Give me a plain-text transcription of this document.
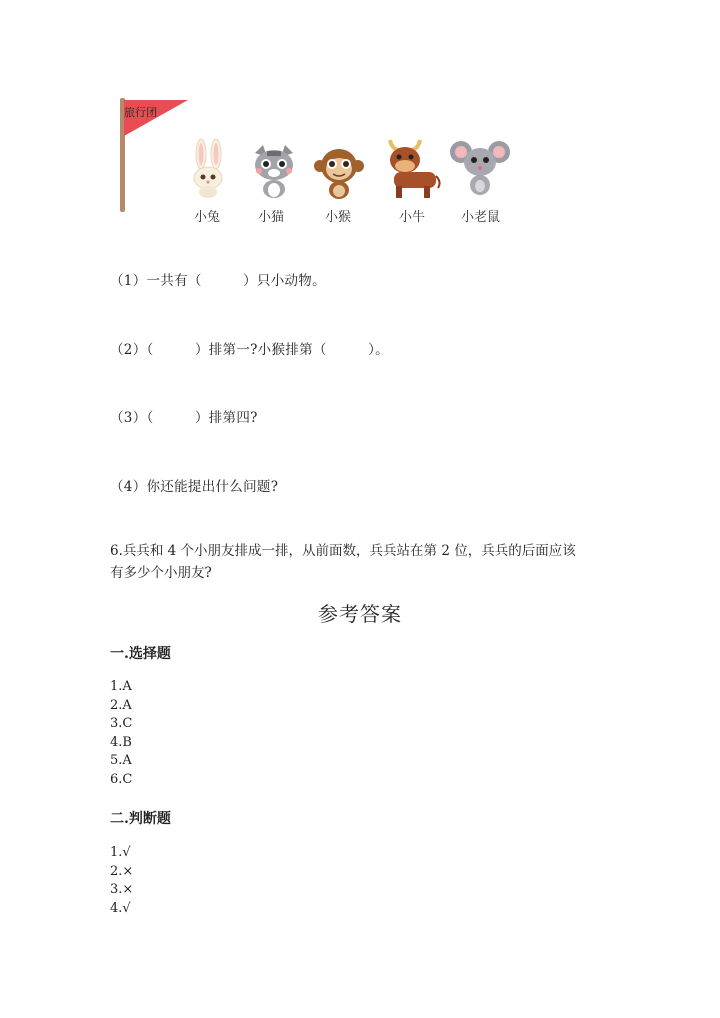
旅行团
小兔	小猫	小猴	小牛	小老鼠
（1）一共有（　　　）只小动物。
（2）（　　　）排第一?小猴排第（　　　）。
（3）（　　　）排第四?
（4）你还能提出什么问题?
6.兵兵和 4 个小朋友排成一排，从前面数，兵兵站在第 2 位，兵兵的后面应该
有多少个小朋友?
参考答案
一.选择题
1.A
2.A
3.C
4.B
5.A
6.C
二.判断题
1.√
2.×
3.×
4.√
